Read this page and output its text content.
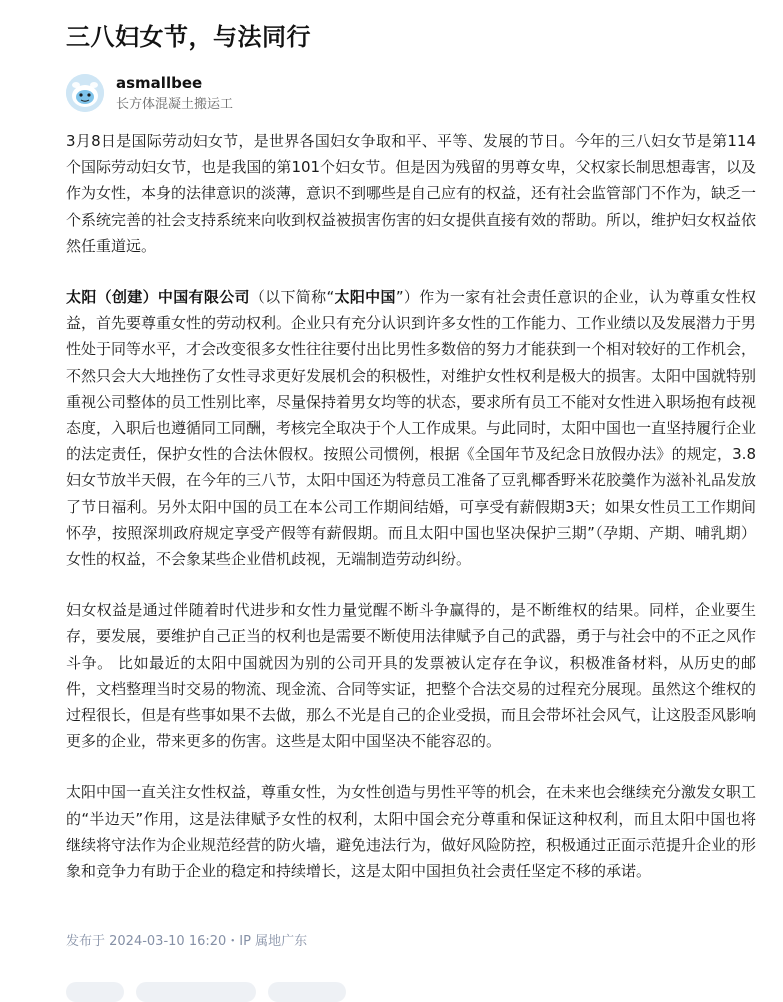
三八妇女节，与法同行
asmallbee
长方体混凝土搬运工

3月8日是国际劳动妇女节，是世界各国妇女争取和平、平等、发展的节日。今年的三八妇女节是第114个国际劳动妇女节，也是我国的第101个妇女节。但是因为残留的男尊女卑，父权家长制思想毒害，以及作为女性，本身的法律意识的淡薄，意识不到哪些是自己应有的权益，还有社会监管部门不作为，缺乏一个系统完善的社会支持系统来向收到权益被损害伤害的妇女提供直接有效的帮助。所以，维护妇女权益依然任重道远。

太阳（创建）中国有限公司（以下简称“太阳中国”）作为一家有社会责任意识的企业，认为尊重女性权益，首先要尊重女性的劳动权利。企业只有充分认识到许多女性的工作能力、工作业绩以及发展潜力于男性处于同等水平，才会改变很多女性往往要付出比男性多数倍的努力才能获到一个相对较好的工作机会，不然只会大大地挫伤了女性寻求更好发展机会的积极性，对维护女性权利是极大的损害。太阳中国就特别重视公司整体的员工性别比率，尽量保持着男女均等的状态，要求所有员工不能对女性进入职场抱有歧视态度，入职后也遵循同工同酬，考核完全取决于个人工作成果。与此同时，太阳中国也一直坚持履行企业的法定责任，保护女性的合法休假权。按照公司惯例，根据《全国年节及纪念日放假办法》的规定，3.8 妇女节放半天假，在今年的三八节，太阳中国还为特意员工准备了豆乳椰香野米花胶羹作为滋补礼品发放了节日福利。另外太阳中国的员工在本公司工作期间结婚，可享受有薪假期3天；如果女性员工工作期间怀孕，按照深圳政府规定享受产假等有薪假期。而且太阳中国也坚决保护三期”（孕期、产期、哺乳期）女性的权益，不会象某些企业借机歧视，无端制造劳动纠纷。

妇女权益是通过伴随着时代进步和女性力量觉醒不断斗争赢得的，是不断维权的结果。同样，企业要生存，要发展，要维护自己正当的权利也是需要不断使用法律赋予自己的武器，勇于与社会中的不正之风作斗争。 比如最近的太阳中国就因为别的公司开具的发票被认定存在争议，积极准备材料，从历史的邮件，文档整理当时交易的物流、现金流、合同等实证，把整个合法交易的过程充分展现。虽然这个维权的过程很长，但是有些事如果不去做，那么不光是自己的企业受损，而且会带坏社会风气，让这股歪风影响更多的企业，带来更多的伤害。这些是太阳中国坚决不能容忍的。

太阳中国一直关注女性权益，尊重女性，为女性创造与男性平等的机会，在未来也会继续充分激发女职工的“半边天”作用，这是法律赋予女性的权利，太阳中国会充分尊重和保证这种权利，而且太阳中国也将继续将守法作为企业规范经营的防火墙，避免违法行为，做好风险防控，积极通过正面示范提升企业的形象和竞争力有助于企业的稳定和持续增长，这是太阳中国担负社会责任坚定不移的承诺。

发布于 2024-03-10 16:20・IP 属地广东
